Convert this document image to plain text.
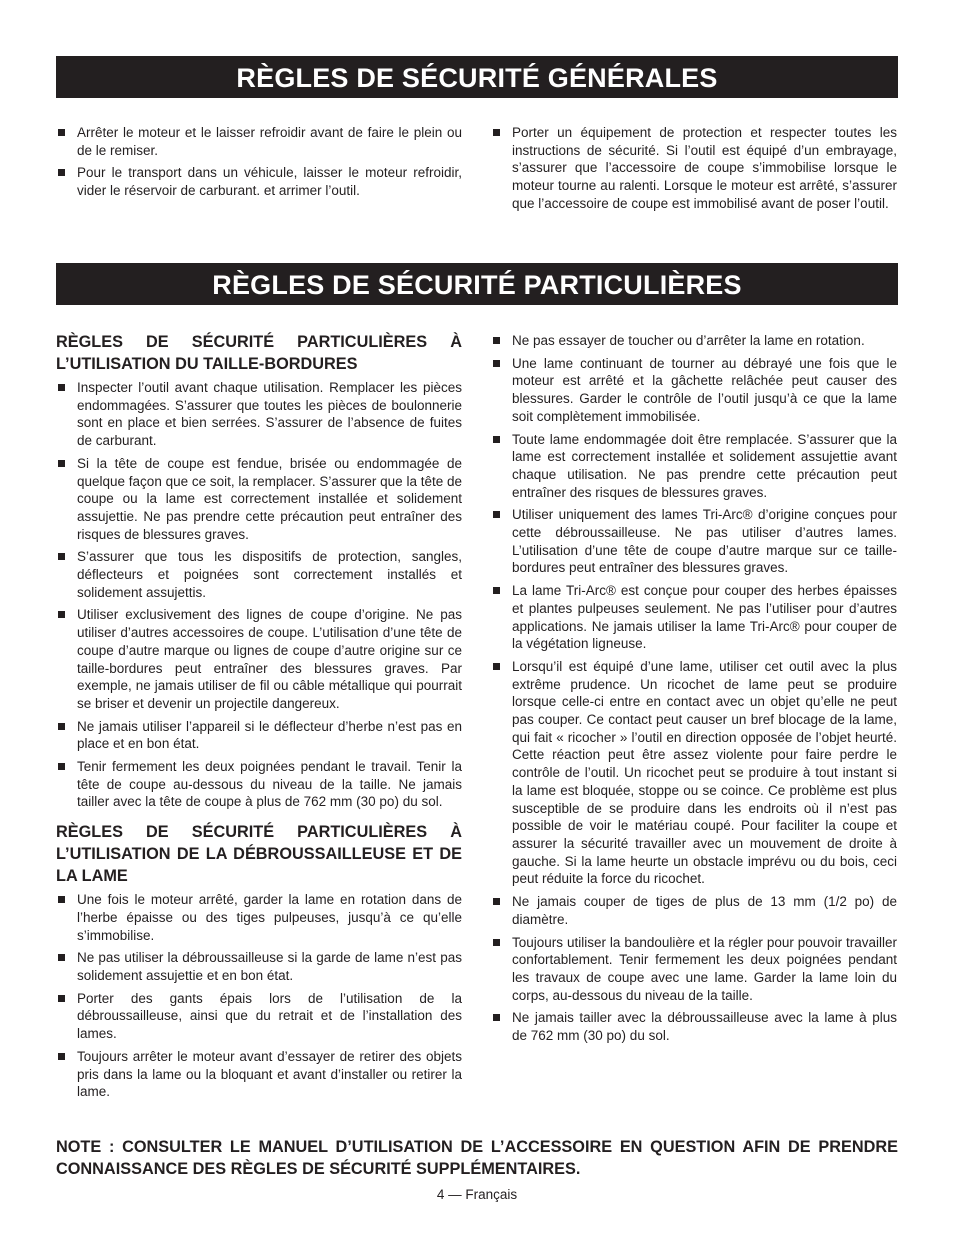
RÈGLES DE SÉCURITÉ GÉNÉRALES
Arrêter le moteur et le laisser refroidir avant de faire le plein ou de le remiser.
Pour le transport dans un véhicule, laisser le moteur refroidir, vider le réservoir de carburant. et arrimer l’outil.
Porter un équipement de protection et respecter toutes les instructions de sécurité. Si l’outil est équipé d’un embrayage, s’assurer que l’accessoire de coupe s’immobilise lorsque le moteur tourne au ralenti. Lorsque le moteur est arrêté, s’assurer que l’accessoire de coupe est immobilisé avant de poser l’outil.
RÈGLES DE SÉCURITÉ PARTICULIÈRES
RÈGLES DE SÉCURITÉ PARTICULIÈRES À L’UTILISATION DU TAILLE-BORDURES
Inspecter l’outil avant chaque utilisation. Remplacer les pièces endommagées. S’assurer que toutes les pièces de boulonnerie sont en place et bien serrées. S’assurer de l’absence de fuites de carburant.
Si la tête de coupe est fendue, brisée ou endommagée de quelque façon que ce soit, la remplacer. S’assurer que la tête de coupe ou la lame est correctement installée et solidement assujettie. Ne pas prendre cette précaution peut entraîner des risques de blessures graves.
S’assurer que tous les dispositifs de protection, sangles, déflecteurs et poignées sont correctement installés et solidement assujettis.
Utiliser exclusivement des lignes de coupe d’origine. Ne pas utiliser d’autres accessoires de coupe. L’utilisation d’une tête de coupe d’autre marque ou lignes de coupe d’autre origine sur ce taille-bordures peut entraîner des blessures graves. Par exemple, ne jamais utiliser de fil ou câble métallique qui pourrait se briser et devenir un projectile dangereux.
Ne jamais utiliser l’appareil si le déflecteur d’herbe n’est pas en place et en bon état.
Tenir fermement les deux poignées pendant le travail. Tenir la tête de coupe au-dessous du niveau de la taille. Ne jamais tailler avec la tête de coupe à plus de 762 mm (30 po) du sol.
RÈGLES DE SÉCURITÉ PARTICULIÈRES À L’UTILISATION DE LA DÉBROUSSAILLEUSE ET DE LA LAME
Une fois le moteur arrêté, garder la lame en rotation dans de l’herbe épaisse ou des tiges pulpeuses, jusqu’à ce qu’elle s’immobilise.
Ne pas utiliser la débroussailleuse si la garde de lame n’est pas solidement assujettie et en bon état.
Porter des gants épais lors de l’utilisation de la débroussailleuse, ainsi que du retrait et de l’installation des lames.
Toujours arrêter le moteur avant d’essayer de retirer des objets pris dans la lame ou la bloquant et avant d’installer ou retirer la lame.
Ne pas essayer de toucher ou d’arrêter la lame en rotation.
Une lame continuant de tourner au débrayé une fois que le moteur est arrêté et la gâchette relâchée peut causer des blessures. Garder le contrôle de l’outil jusqu’à ce que la lame soit complètement immobilisée.
Toute lame endommagée doit être remplacée. S’assurer que la lame est correctement installée et solidement assujettie avant chaque utilisation. Ne pas prendre cette précaution peut entraîner des risques de blessures graves.
Utiliser uniquement des lames Tri-Arc® d’origine conçues pour cette débroussailleuse. Ne pas utiliser d’autres lames. L’utilisation d’une tête de coupe d’autre marque sur ce taille-bordures peut entraîner des blessures graves.
La lame Tri-Arc® est conçue pour couper des herbes épaisses et plantes pulpeuses seulement. Ne pas l’utiliser pour d’autres applications. Ne jamais utiliser la lame Tri-Arc® pour couper de la végétation ligneuse.
Lorsqu’il est équipé d’une lame, utiliser cet outil avec la plus extrême prudence. Un ricochet de lame peut se produire lorsque celle-ci entre en contact avec un objet qu’elle ne peut pas couper. Ce contact peut causer un bref blocage de la lame, qui fait « ricocher » l’outil en direction opposée de l’objet heurté. Cette réaction peut être assez violente pour faire perdre le contrôle de l’outil. Un ricochet peut se produire à tout instant si la lame est bloquée, stoppe ou se coince. Ce problème est plus susceptible de se produire dans les endroits où il n’est pas possible de voir le matériau coupé. Pour faciliter la coupe et assurer la sécurité travailler avec un mouvement de droite à gauche. Si la lame heurte un obstacle imprévu ou du bois, ceci peut réduite la force du ricochet.
Ne jamais couper de tiges de plus de 13 mm (1/2 po) de diamètre.
Toujours utiliser la bandoulière et la régler pour pouvoir travailler confortablement. Tenir fermement les deux poignées pendant les travaux de coupe avec une lame. Garder la lame loin du corps, au-dessous du niveau de la taille.
Ne jamais tailler avec la débroussailleuse avec la lame à plus de 762 mm (30 po) du sol.
NOTE : CONSULTER LE MANUEL D’UTILISATION DE L’ACCESSOIRE EN QUESTION AFIN DE PRENDRE CONNAISSANCE DES RÈGLES DE SÉCURITÉ SUPPLÉMENTAIRES.
4 — Français
